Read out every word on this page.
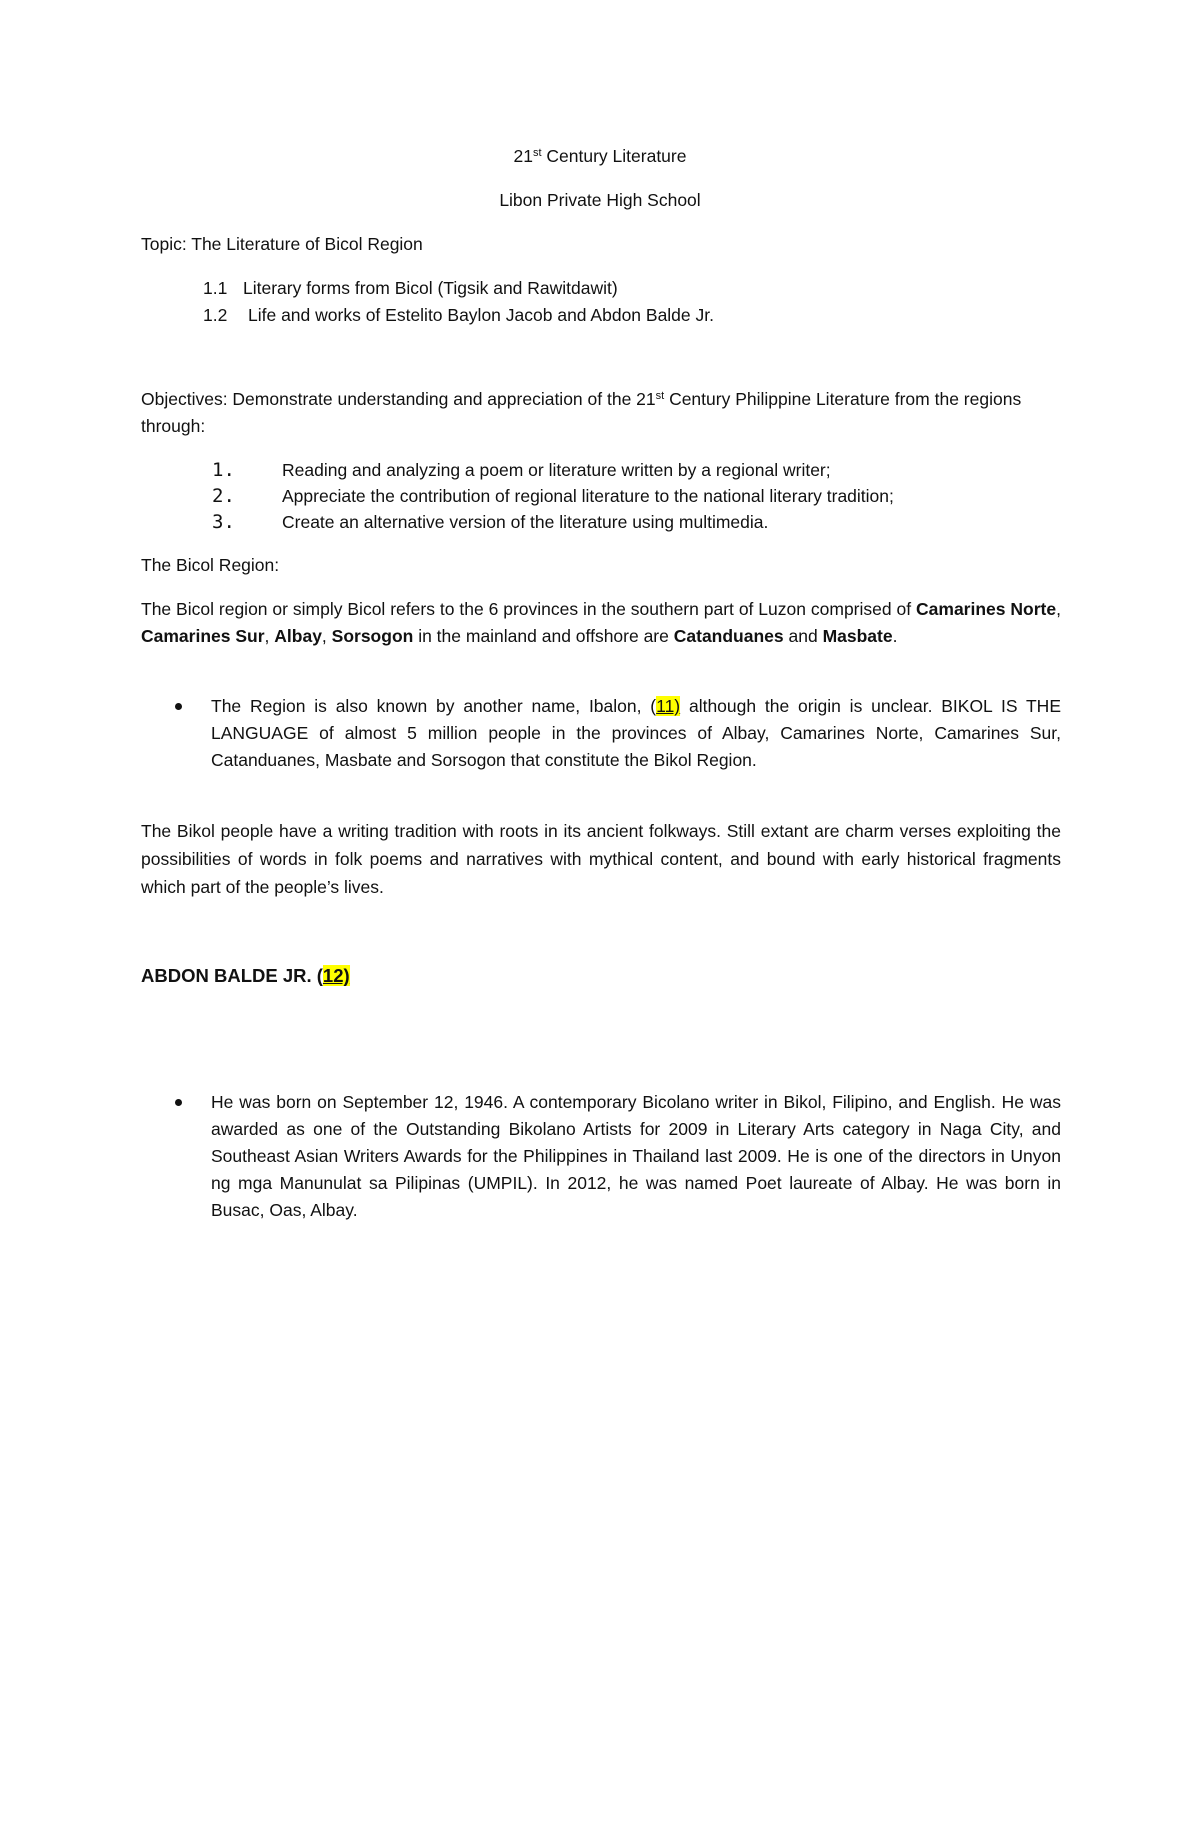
21st Century Literature
Libon Private High School
Topic: The Literature of Bicol Region
1.1 Literary forms from Bicol (Tigsik and Rawitdawit)
1.2 Life and works of Estelito Baylon Jacob and Abdon Balde Jr.
Objectives: Demonstrate understanding and appreciation of the 21st Century Philippine Literature from the regions through:
1.	Reading and analyzing a poem or literature written by a regional writer;
2.	Appreciate the contribution of regional literature to the national literary tradition;
3.	Create an alternative version of the literature using multimedia.
The Bicol Region:
The Bicol region or simply Bicol refers to the 6 provinces in the southern part of Luzon comprised of Camarines Norte, Camarines Sur, Albay, Sorsogon in the mainland and offshore are Catanduanes and Masbate.
The Region is also known by another name, Ibalon, (11) although the origin is unclear. BIKOL IS THE LANGUAGE of almost 5 million people in the provinces of Albay, Camarines Norte, Camarines Sur, Catanduanes, Masbate and Sorsogon that constitute the Bikol Region.
The Bikol people have a writing tradition with roots in its ancient folkways. Still extant are charm verses exploiting the possibilities of words in folk poems and narratives with mythical content, and bound with early historical fragments which part of the people’s lives.
ABDON BALDE JR. (12)
He was born on September 12, 1946. A contemporary Bicolano writer in Bikol, Filipino, and English. He was awarded as one of the Outstanding Bikolano Artists for 2009 in Literary Arts category in Naga City, and Southeast Asian Writers Awards for the Philippines in Thailand last 2009. He is one of the directors in Unyon ng mga Manunulat sa Pilipinas (UMPIL). In 2012, he was named Poet laureate of Albay. He was born in Busac, Oas, Albay.
